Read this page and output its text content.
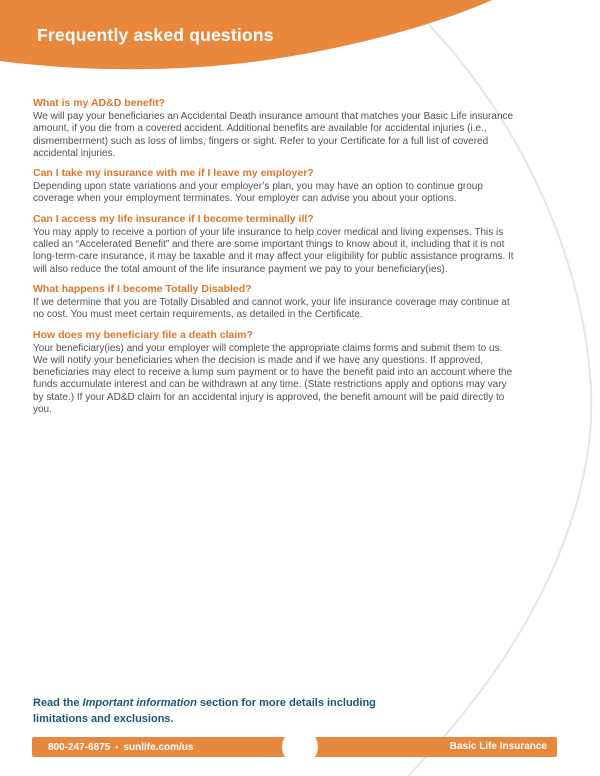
Frequently asked questions
What is my AD&D benefit?

We will pay your beneficiaries an Accidental Death insurance amount that matches your Basic Life insurance amount, if you die from a covered accident. Additional benefits are available for accidental injuries (i.e., dismemberment) such as loss of limbs, fingers or sight. Refer to your Certificate for a full list of covered accidental injuries.

Can I take my insurance with me if I leave my employer?

Depending upon state variations and your employer’s plan, you may have an option to continue group coverage when your employment terminates. Your employer can advise you about your options.

Can I access my life insurance if I become terminally ill?

You may apply to receive a portion of your life insurance to help cover medical and living expenses. This is called an “Accelerated Benefit” and there are some important things to know about it, including that it is not long-term-care insurance, it may be taxable and it may affect your eligibility for public assistance programs. It will also reduce the total amount of the life insurance payment we pay to your beneficiary(ies).

What happens if I become Totally Disabled?

If we determine that you are Totally Disabled and cannot work, your life insurance coverage may continue at no cost. You must meet certain requirements, as detailed in the Certificate.

How does my beneficiary file a death claim?

Your beneficiary(ies) and your employer will complete the appropriate claims forms and submit them to us. We will notify your beneficiaries when the decision is made and if we have any questions. If approved, beneficiaries may elect to receive a lump sum payment or to have the benefit paid into an account where the funds accumulate interest and can be withdrawn at any time. (State restrictions apply and options may vary by state.) If your AD&D claim for an accidental injury is approved, the benefit amount will be paid directly to you.

Read the Important information section for more details including limitations and exclusions.
800-247-6875 • sunlife.com/us	Basic Life Insurance
